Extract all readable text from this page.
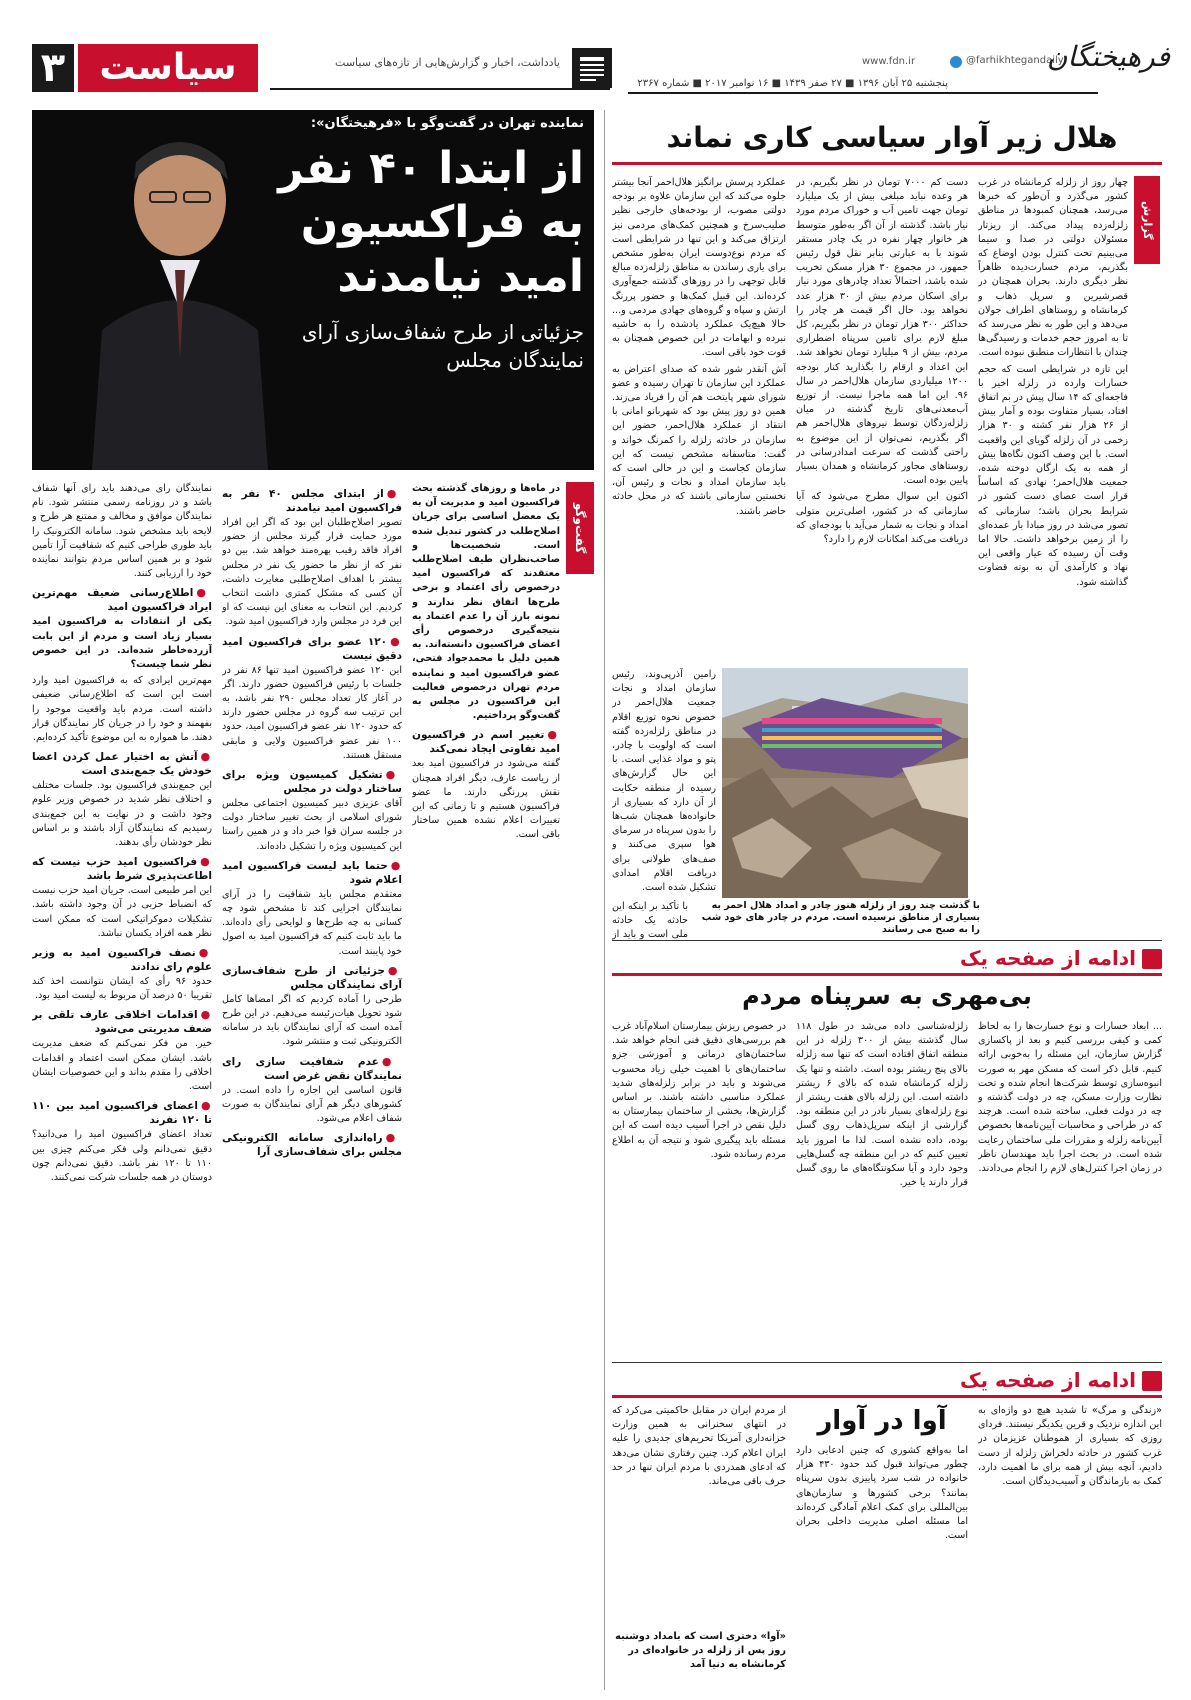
۳ سیاست	یادداشت، اخبار و گزارش‌هایی از تازه‌های سیاست
پنجشنبه ۲۵ آبان ۱۳۹۶ ■ ۲۷ صفر ۱۴۳۹ ■ ۱۶ نوامبر ۲۰۱۷ ■ شماره ۲۳۶۷
www.fdn.ir	@farhikhtegandaily
فرهیختگان
هلال زیر آوار سیاسی کاری نماند
گزارش

چهار روز از زلزله کرمانشاه در غرب کشور می‌گذرد و آن‌طور که خبرها می‌رسد، همچنان کمبودها در مناطق زلزله‌زده پیداد می‌کند. از ریزتار مسئولان دولتی در صدا و سیما می‌بینیم تحت کنترل بودن اوضاع که بگذریم، مردم خسارت‌دیده ظاهراً نظر دیگری دارند. بحران همچنان در قصرشیرین و سرپل ذهاب و کرمانشاه و روستاهای اطراف جولان می‌دهد و این طور به نظر می‌رسد که تا به امروز حجم خدمات و رسیدگی‌ها چندان با انتظارات منطبق نبوده است.

این تازه در شرایطی است که حجم خسارات وارده در زلزله اخیر با فاجعه‌ای که ۱۴ سال پیش در بم اتفاق افتاد، بسیار متفاوت بوده و آمار بیش از ۲۶ هزار نفر کشته و ۳۰ هزار زخمی در آن زلزله گویای این واقعیت است. با این وصف اکنون نگاه‌ها بیش از همه به یک ارگان دوخته شده، جمعیت هلال‌احمر؛ نهادی که اساساً قرار است عصای دست کشور در شرایط بحران باشد؛ سازمانی که تصور می‌شد در روز مبادا بار عمده‌ای را از زمین برخواهد داشت. حالا اما وقت آن رسیده که عیار واقعی این نهاد و کارآمدی آن به بوته قضاوت گذاشته شود.

دست کم ۷۰۰۰ تومان در نظر بگیریم، در هر وعده نباید مبلغی بیش از یک میلیارد تومان جهت تامین آب و خوراک مردم مورد نیاز باشد. گذشته از آن اگر به‌طور متوسط هر خانوار چهار نفره در یک چادر مستقر شوند با به عبارتی بنابر نقل قول رئیس جمهور، در مجموع ۳۰ هزار مسکن تخریب شده باشد، احتمالاً تعداد چادرهای مورد نیاز برای اسکان مردم بیش از ۳۰ هزار عدد نخواهد بود. حال اگر قیمت هر چادر را حداکثر ۳۰۰ هزار تومان در نظر بگیریم، کل مبلغ لازم برای تامین سرپناه اضطراری مردم، بیش از ۹ میلیارد تومان نخواهد شد. این اعداد و ارقام را بگذارید کنار بودجه ۱۲۰۰ میلیاردی سازمان هلال‌احمر در سال ۹۶. این اما همه ماجرا نیست. از توزیع آب‌معدنی‌های تاریخ گذشته در میان زلزله‌زدگان توسط نیروهای هلال‌احمر هم اگر بگذریم، نمی‌توان از این موضوع به راحتی گذشت که سرعت امدادرسانی در روستاهای مجاور کرمانشاه و همدان بسیار پایین بوده است.

اکنون این سوال مطرح می‌شود که آیا سازمانی که در کشور، اصلی‌ترین متولی امداد و نجات به شمار می‌آید با بودجه‌ای که دریافت می‌کند امکانات لازم را دارد؟

عملکرد پرسش برانگیز هلال‌احمر آنجا بیشتر جلوه می‌کند که این سازمان علاوه بر بودجه دولتی مصوب، از بودجه‌های خارجی نظیر صلیب‌سرخ و همچنین کمک‌های مردمی نیز ارتزاق می‌کند و این تنها در شرایطی است که مردم نوع‌دوست ایران به‌طور مشخص برای یاری رساندن به مناطق زلزله‌زده مبالغ قابل توجهی را در روزهای گذشته جمع‌آوری کرده‌اند. این قبیل کمک‌ها و حضور پررنگ ارتش و سپاه و گروه‌های جهادی مردمی و... حالا هیچ‌یک عملکرد یادشده را به حاشیه نبرده و ابهامات در این خصوص همچنان به قوت خود باقی است.

آش آنقدر شور شده که صدای اعتراض به عملکرد این سازمان تا تهران رسیده و عضو شورای شهر پایتخت هم آن را فریاد می‌زند. همین دو روز پیش بود که شهربانو امانی با انتقاد از عملکرد هلال‌احمر، حضور این سازمان در حادثه زلزله را کمرنگ خواند و گفت: متاسفانه مشخص نیست که این سازمان کجاست و این در حالی است که باید سازمان امداد و نجات و رئیس آن، نخستین سازمانی باشند که در محل حادثه حاضر باشند.

رامین آذرپی‌وند، رئیس سازمان امداد و نجات جمعیت هلال‌احمر در خصوص نحوه توزیع اقلام در مناطق زلزله‌زده گفته است که اولویت با چادر، پتو و مواد غذایی است. با این حال گزارش‌های رسیده از منطقه حکایت از آن دارد که بسیاری از خانواده‌ها همچنان شب‌ها را بدون سرپناه در سرمای هوا سپری می‌کنند و صف‌های طولانی برای دریافت اقلام امدادی تشکیل شده است.

با گذشت چند روز از زلزله هنوز چادر و امداد هلال احمر به بسیاری از مناطق نرسیده است. مردم در چادر های خود شب را به صبح می رسانند

با تأکید بر اینکه این حادثه یک حادثه ملی است و باید از

ادامه از صفحه یک
بی‌مهری به سرپناه مردم

... ابعاد خسارات و نوع خسارت‌ها را به لحاظ کمی و کیفی بررسی کنیم و بعد از پاکسازی گزارش سازمان، این مسئله را به‌خوبی ارائه کنیم. قابل ذکر است که مسکن مهر به صورت انبوه‌سازی توسط شرکت‌ها انجام شده و تحت نظارت وزارت مسکن، چه در دولت گذشته و چه در دولت فعلی، ساخته شده است. هرچند که در طراحی و محاسبات آیین‌نامه‌ها بخصوص آیین‌نامه زلزله و مقررات ملی ساختمان رعایت شده است. در بحث اجرا باید مهندسان ناظر در زمان اجرا کنترل‌های لازم را انجام می‌دادند.

زلزله‌شناسی داده می‌شد در طول ۱۱۸ سال گذشته بیش از ۳۰۰ زلزله در این منطقه اتفاق افتاده است که تنها سه زلزله بالای پنج ریشتر بوده است. داشته و تنها یک زلزله کرمانشاه شده که بالای ۶ ریشتر داشته است. این زلزله بالای هفت ریشتر از نوع زلزله‌های بسیار نادر در این منطقه بود. گزارشی از اینکه سرپل‌ذهاب روی گسل بوده، داده نشده است. لذا ما امروز باید تعیین کنیم که در این منطقه چه گسل‌هایی وجود دارد و آیا سکونتگاه‌های ما روی گسل قرار دارند یا خیر.

در خصوص ریزش بیمارستان اسلام‌آباد غرب هم بررسی‌های دقیق فنی انجام خواهد شد. ساختمان‌های درمانی و آموزشی جزو ساختمان‌های با اهمیت خیلی زیاد محسوب می‌شوند و باید در برابر زلزله‌های شدید عملکرد مناسبی داشته باشند. بر اساس گزارش‌ها، بخشی از ساختمان بیمارستان به دلیل نقص در اجرا آسیب دیده است که این مسئله باید پیگیری شود و نتیجه آن به اطلاع مردم رسانده شود.

ادامه از صفحه یک

«زندگی و مرگ» تا شدید هیچ دو واژه‌ای به این اندازه نزدیک و قرین یکدیگر نیستند. فردای روزی که بسیاری از هموطنان عزیزمان در غرب کشور در حادثه دلخراش زلزله از دست دادیم، آنچه بیش از همه برای ما اهمیت دارد، کمک به بازماندگان و آسیب‌دیدگان است.

آوا در آوار

اما به‌واقع کشوری که چنین ادعایی دارد چطور می‌تواند قبول کند حدود ۴۳۰ هزار خانواده در شب سرد پاییزی بدون سرپناه بمانند؟ برخی کشورها و سازمان‌های بین‌المللی برای کمک اعلام آمادگی کرده‌اند اما مسئله اصلی مدیریت داخلی بحران است.

از مردم ایران در مقابل حاکمیتی می‌کرد که در انتهای سخنرانی به همین وزارت خزانه‌داری آمریکا تحریم‌های جدیدی را علیه ایران اعلام کرد. چنین رفتاری نشان می‌دهد که ادعای همدردی با مردم ایران تنها در حد حرف باقی می‌ماند.

«آوا» دختری است که بامداد دوشنبه روز پس از زلزله در خانواده‌ای در کرمانشاه به دنیا آمد
نماینده تهران در گفت‌وگو با «فرهیختگان»:
از ابتدا ۴۰ نفر به فراکسیون امید نیامدند
جزئیاتی از طرح شفاف‌سازی آرای نمایندگان مجلس
گفت‌وگو

در ماه‌ها و روزهای گذشته بحث فراکسیون امید و مدیریت آن به یک معضل اساسی برای جریان اصلاح‌طلب در کشور تبدیل شده است. شخصیت‌ها و صاحب‌نظران طیف اصلاح‌طلب معتقدند که فراکسیون امید درخصوص رأی اعتماد و برخی طرح‌ها اتفاق نظر ندارند و نمونه بارز آن را عدم اعتماد به نتیجه‌گیری درخصوص رأی اعضای فراکسیون دانسته‌اند. به همین دلیل با محمدجواد فتحی، عضو فراکسیون امید و نماینده مردم تهران درخصوص فعالیت این فراکسیون در مجلس به گفت‌وگو پرداختیم.

●تغییر اسم در فراکسیون امید تفاوتی ایجاد نمی‌کند

گفته می‌شود در فراکسیون امید بعد از ریاست عارف، دیگر افراد همچنان نقش پررنگی دارند. ما عضو فراکسیون هستیم و تا زمانی که این تغییرات اعلام نشده همین ساختار باقی است.

●از ابتدای مجلس ۴۰ نفر به فراکسیون امید نیامدند

تصویر اصلاح‌طلبان این بود که اگر این افراد مورد حمایت قرار گیرند مجلس از حضور افراد فاقد رقیب بهره‌مند خواهد شد. بین دو نفر که از نظر ما حضور یک نفر در مجلس بیشتر با اهداف اصلاح‌طلبی مغایرت داشت، آن کسی که مشکل کمتری داشت انتخاب کردیم. این انتخاب به معنای این نیست که او این فرد در مجلس وارد فراکسیون امید شود.

●۱۲۰ عضو برای فراکسیون امید دقیق نیست

این ۱۲۰ عضو فراکسیون امید تنها ۸۶ نفر در جلسات با رئیس فراکسیون حضور دارند. اگر در آغاز کار تعداد مجلس ۲۹۰ نفر باشد، به این ترتیب سه گروه در مجلس حضور دارند که حدود ۱۲۰ نفر عضو فراکسیون امید، حدود ۱۰۰ نفر عضو فراکسیون ولایی و مابقی مستقل هستند.

●تشکیل کمیسیون ویژه برای ساختار دولت در مجلس

آقای عزیزی دبیر کمیسیون اجتماعی مجلس شورای اسلامی از بحث تغییر ساختار دولت در جلسه سران قوا خبر داد و در همین راستا این کمیسیون ویژه را تشکیل داده‌اند.

●حتما باید لیست فراکسیون امید اعلام شود

معتقدم مجلس باید شفافیت را در آرای نمایندگان اجرایی کند تا مشخص شود چه کسانی به چه طرح‌ها و لوایحی رأی داده‌اند. ما باید ثابت کنیم که فراکسیون امید به اصول خود پایبند است.

●جزئیاتی از طرح شفاف‌سازی آرای نمایندگان مجلس

طرحی را آماده کردیم که اگر امضاها کامل شود تحویل هیات‌رئیسه می‌دهیم. در این طرح آمده است که آرای نمایندگان باید در سامانه الکترونیکی ثبت و منتشر شود.

●عدم شفافیت سازی رای نمایندگان نقض غرض است

قانون اساسی این اجازه را داده است. در کشورهای دیگر هم آرای نمایندگان به صورت شفاف اعلام می‌شود.

●راه‌اندازی سامانه الکترونیکی مجلس برای شفاف‌سازی آرا

نمایندگان رای می‌دهند باید رای آنها شفاف باشد و در روزنامه رسمی منتشر شود. نام نمایندگان موافق و مخالف و ممتنع هر طرح و لایحه باید مشخص شود. سامانه الکترونیک را باید طوری طراحی کنیم که شفافیت آرا تأمین شود و بر همین اساس مردم بتوانند نماینده خود را ارزیابی کنند.

●اطلاع‌رسانی ضعیف مهم‌ترین ایراد فراکسیون امید

یکی از انتقادات به فراکسیون امید بسیار زیاد است و مردم از این بابت آزرده‌خاطر شده‌اند. در این خصوص نظر شما چیست؟

مهم‌ترین ایرادی که به فراکسیون امید وارد است این است که اطلاع‌رسانی ضعیفی داشته است. مردم باید واقعیت موجود را بفهمند و خود را در جریان کار نمایندگان قرار دهند. ما همواره به این موضوع تأکید کرده‌ایم.

●آتش به اختیار عمل کردن اعضا خودش یک جمع‌بندی است

این جمع‌بندی فراکسیون بود. جلسات مختلف و اختلاف نظر شدید در خصوص وزیر علوم وجود داشت و در نهایت به این جمع‌بندی رسیدیم که نمایندگان آزاد باشند و بر اساس نظر خودشان رأی بدهند.

●فراکسیون امید حزب نیست که اطاعت‌پذیری شرط باشد

این امر طبیعی است. جریان امید حزب نیست که انضباط حزبی در آن وجود داشته باشد. تشکیلات دموکراتیکی است که ممکن است نظر همه افراد یکسان نباشد.

●نصف فراکسیون امید به وزیر علوم رای ندادند

حدود ۹۶ رأی که ایشان نتوانست اخذ کند تقریبا ۵۰ درصد آن مربوط به لیست امید بود.

●اقدامات اخلاقی عارف تلقی بر ضعف مدیریتی می‌شود

خیر. من فکر نمی‌کنم که ضعف مدیریت باشد. ایشان ممکن است اعتماد و اقدامات اخلاقی را مقدم بداند و این خصوصیات ایشان است.

●اعضای فراکسیون امید بین ۱۱۰ تا ۱۲۰ نفرند

تعداد اعضای فراکسیون امید را می‌دانید؟ دقیق نمی‌دانم ولی فکر می‌کنم چیزی بین ۱۱۰ تا ۱۲۰ نفر باشد. دقیق نمی‌دانم چون دوستان در همه جلسات شرکت نمی‌کنند.
